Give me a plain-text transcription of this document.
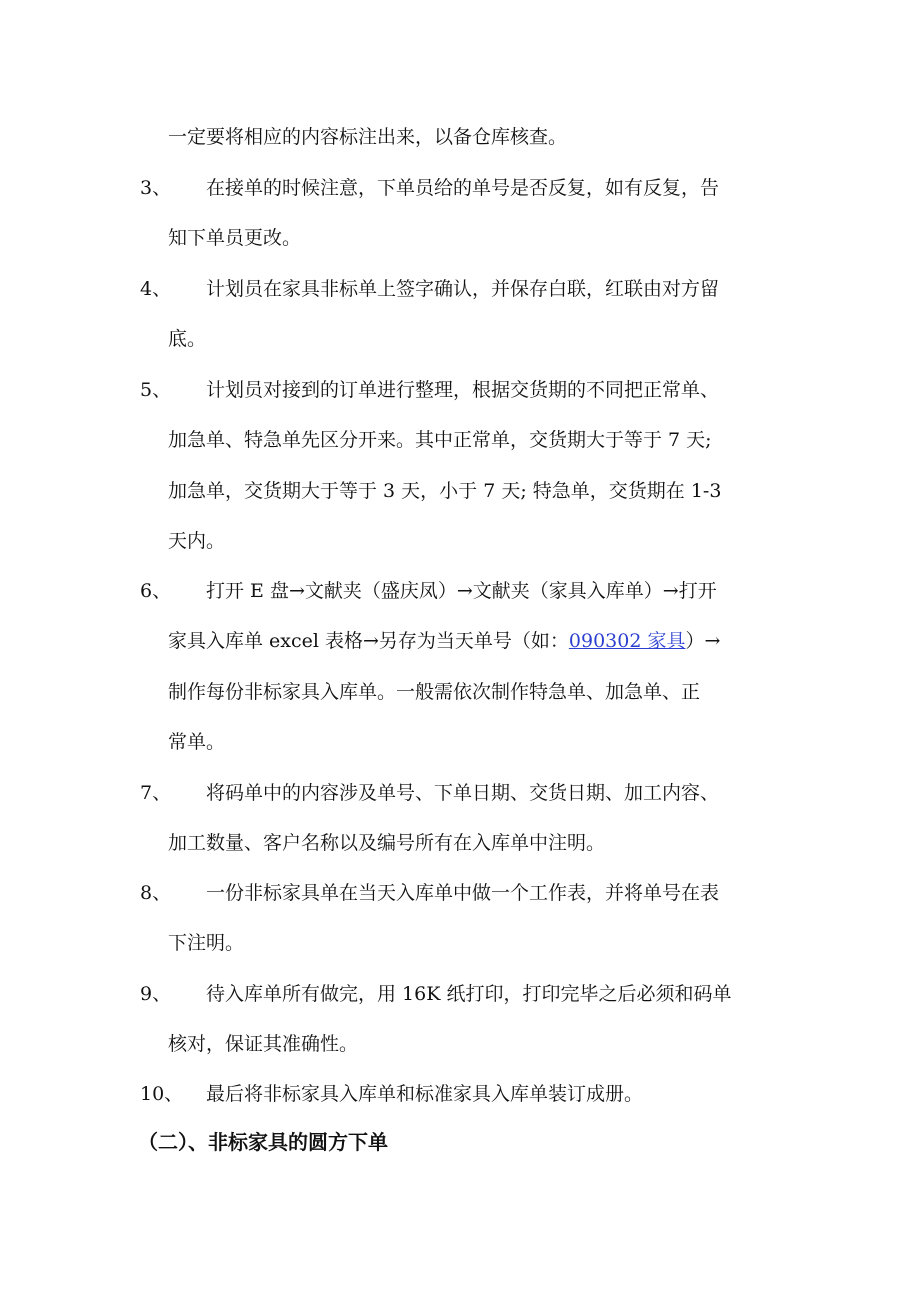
一定要将相应的内容标注出来，以备仓库核查。
3、 在接单的时候注意，下单员给的单号是否反复，如有反复，告
知下单员更改。
4、 计划员在家具非标单上签字确认，并保存白联，红联由对方留
底。
5、 计划员对接到的订单进行整理，根据交货期的不同把正常单、
加急单、特急单先区分开来。其中正常单，交货期大于等于 7 天;
加急单，交货期大于等于 3 天，小于 7 天; 特急单，交货期在 1-3
天内。
6、 打开 E 盘→文献夹（盛庆凤）→文献夹（家具入库单）→打开
家具入库单 excel 表格→另存为当天单号（如：090302 家具）→
制作每份非标家具入库单。一般需依次制作特急单、加急单、正
常单。
7、 将码单中的内容涉及单号、下单日期、交货日期、加工内容、
加工数量、客户名称以及编号所有在入库单中注明。
8、 一份非标家具单在当天入库单中做一个工作表，并将单号在表
下注明。
9、 待入库单所有做完，用 16K 纸打印，打印完毕之后必须和码单
核对，保证其准确性。
10、 最后将非标家具入库单和标准家具入库单装订成册。
（二）、非标家具的圆方下单
